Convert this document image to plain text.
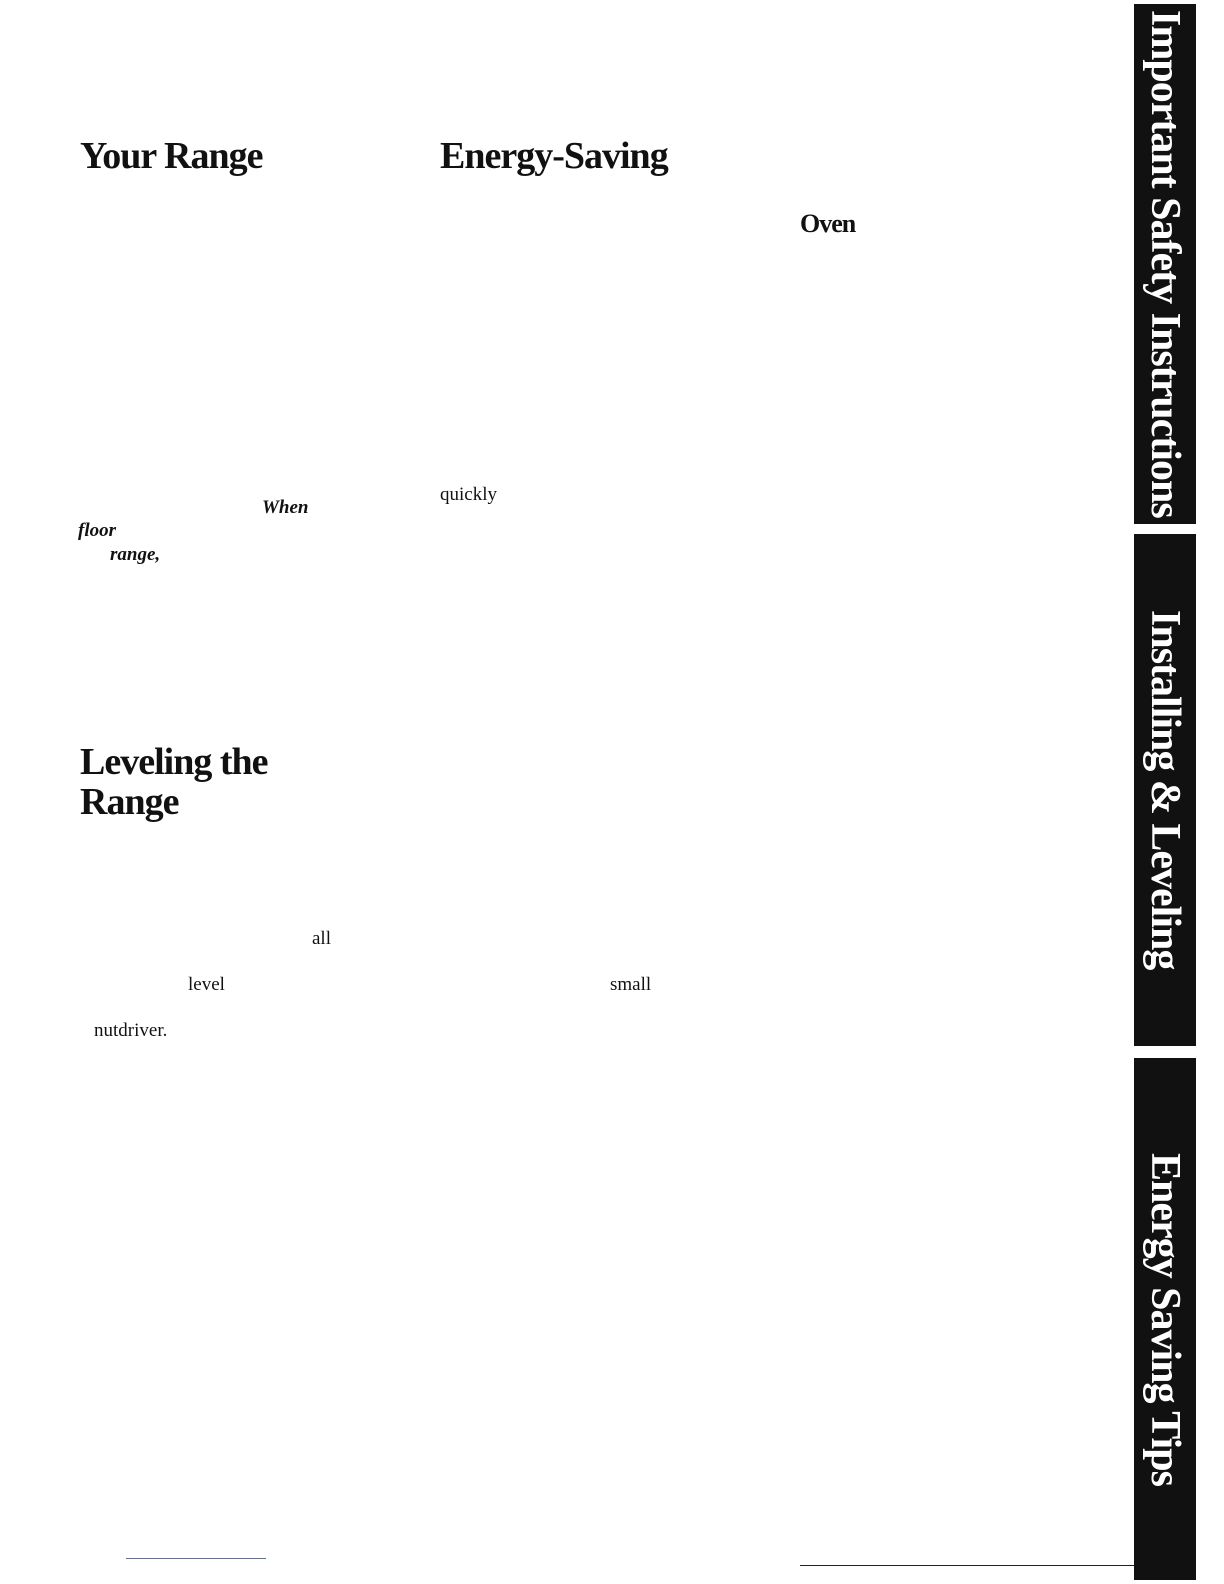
Your Range	Energy-Saving
Oven
Leveling the
Range
When
floor
range,
quickly
all
level	small
nutdriver.
Important Safety Instructions
Installing & Leveling
Energy Saving Tips
